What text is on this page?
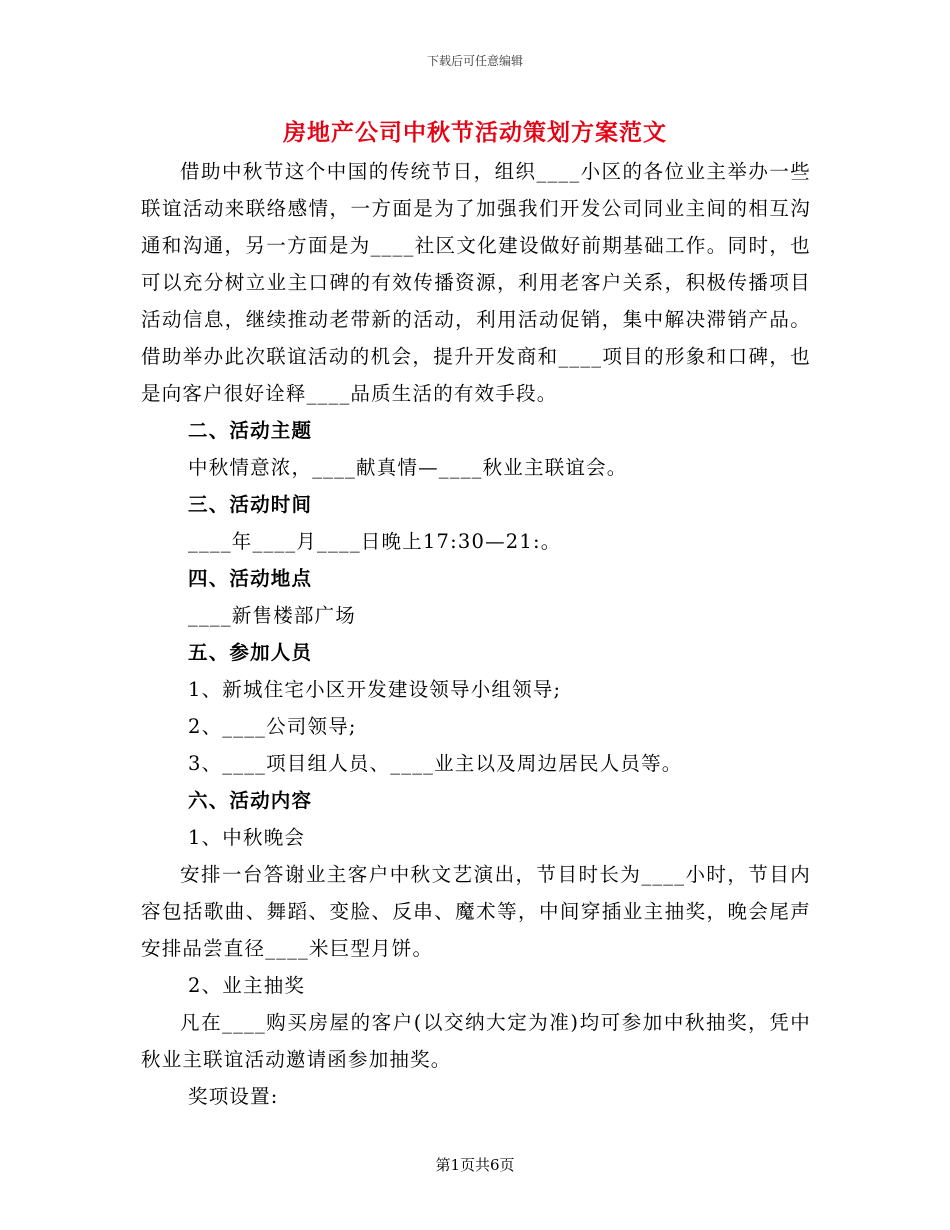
下载后可任意编辑
房地产公司中秋节活动策划方案范文

借助中秋节这个中国的传统节日，组织____小区的各位业主举办一些联谊活动来联络感情，一方面是为了加强我们开发公司同业主间的相互沟通和沟通，另一方面是为____社区文化建设做好前期基础工作。同时，也可以充分树立业主口碑的有效传播资源，利用老客户关系，积极传播项目活动信息，继续推动老带新的活动，利用活动促销，集中解决滞销产品。借助举办此次联谊活动的机会，提升开发商和____项目的形象和口碑，也是向客户很好诠释____品质生活的有效手段。

二、活动主题

中秋情意浓，____献真情—____秋业主联谊会。

三、活动时间

____年____月____日晚上17:30—21:。

四、活动地点

____新售楼部广场

五、参加人员

1、新城住宅小区开发建设领导小组领导;

2、____公司领导;

3、____项目组人员、____业主以及周边居民人员等。

六、活动内容

1、中秋晚会

安排一台答谢业主客户中秋文艺演出，节目时长为____小时，节目内容包括歌曲、舞蹈、变脸、反串、魔术等，中间穿插业主抽奖，晚会尾声安排品尝直径____米巨型月饼。

2、业主抽奖

凡在____购买房屋的客户(以交纳大定为准)均可参加中秋抽奖，凭中秋业主联谊活动邀请函参加抽奖。

奖项设置:

第1页共6页
